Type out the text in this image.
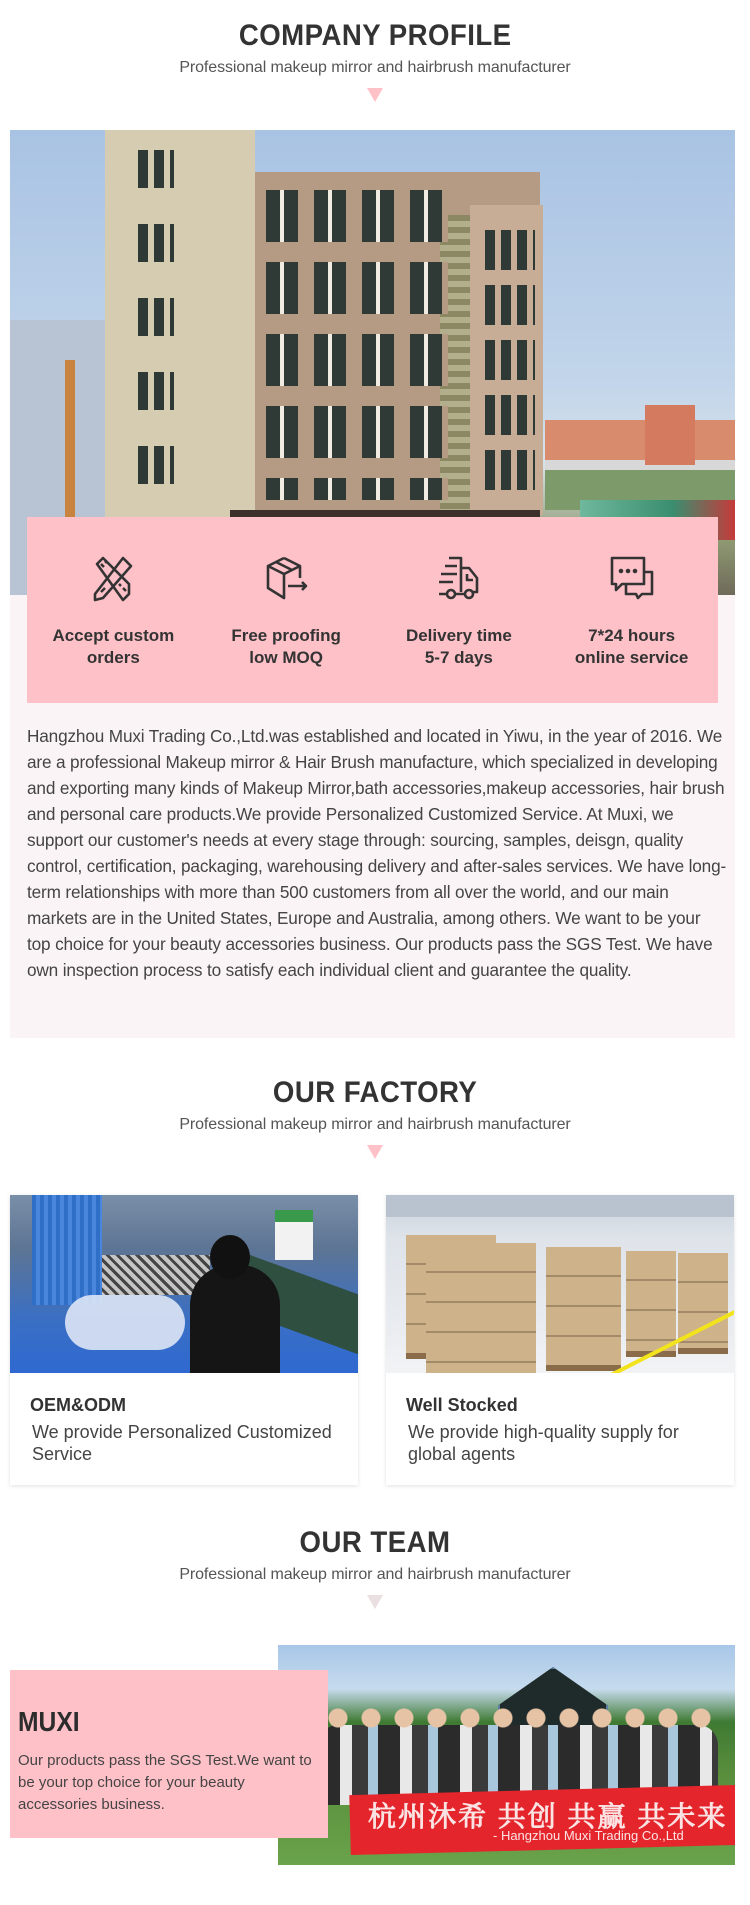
COMPANY PROFILE
Professional makeup mirror and hairbrush manufacturer

Hangzhou Muxi Trading Co.,Ltd.was established and located in Yiwu, in the year of 2016. We are a professional Makeup mirror & Hair Brush manufacture, which specialized in developing and exporting many kinds of Makeup Mirror,bath accessories,makeup accessories, hair brush and personal care products.We provide Personalized Customized Service. At Muxi, we support our customer's needs at every stage through: sourcing, samples, deisgn, quality control, certification, packaging, warehousing delivery and after-sales services. We have long-term relationships with more than 500 customers from all over the world, and our main markets are in the United States, Europe and Australia, among others. We want to be your top choice for your beauty accessories business. Our products pass the SGS Test. We have own inspection process to satisfy each individual client and guarantee the quality.

Accept custom
orders
Free proofing
low MOQ
Delivery time
5-7 days
7*24 hours
online service
OUR FACTORY
Professional makeup mirror and hairbrush manufacturer
OEM&ODM
We provide Personalized Customized Service
Well Stocked
We provide high-quality supply for global agents
OUR TEAM
Professional makeup mirror and hairbrush manufacturer
杭州沐希 共创 共赢 共未来
- Hangzhou Muxi Trading Co.,Ltd
MUXI
Our products pass the SGS Test.We want to be your top choice for your beauty accessories business.
